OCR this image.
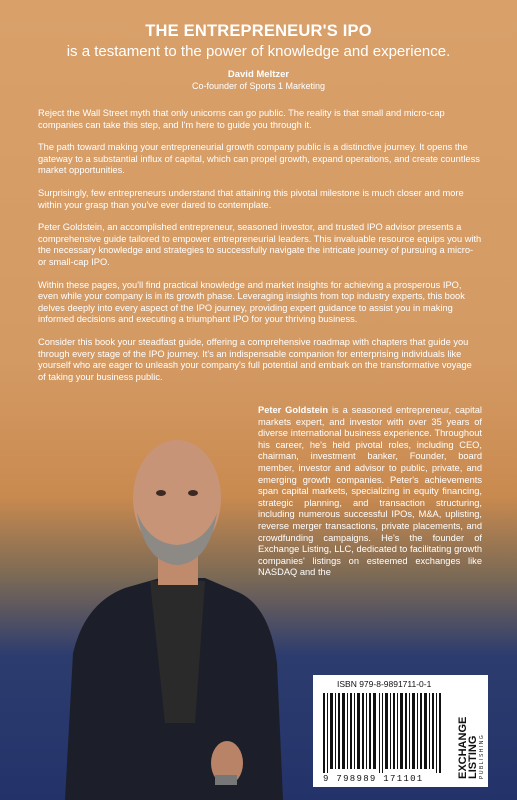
THE ENTREPRENEUR'S IPO
is a testament to the power of knowledge and experience.
David Meltzer
Co-founder of Sports 1 Marketing

Reject the Wall Street myth that only unicorns can go public. The reality is that small and micro-cap companies can take this step, and I'm here to guide you through it.

The path toward making your entrepreneurial growth company public is a distinctive journey. It opens the gateway to a substantial influx of capital, which can propel growth, expand operations, and create countless market opportunities.

Surprisingly, few entrepreneurs understand that attaining this pivotal milestone is much closer and more within your grasp than you've ever dared to contemplate.

Peter Goldstein, an accomplished entrepreneur, seasoned investor, and trusted IPO advisor presents a comprehensive guide tailored to empower entrepreneurial leaders. This invaluable resource equips you with the necessary knowledge and strategies to successfully navigate the intricate journey of pursuing a micro- or small-cap IPO.

Within these pages, you'll find practical knowledge and market insights for achieving a prosperous IPO, even while your company is in its growth phase. Leveraging insights from top industry experts, this book delves deeply into every aspect of the IPO journey, providing expert guidance to assist you in making informed decisions and executing a triumphant IPO for your thriving business.

Consider this book your steadfast guide, offering a comprehensive roadmap with chapters that guide you through every stage of the IPO journey. It's an indispensable companion for enterprising individuals like yourself who are eager to unleash your company's full potential and embark on the transformative voyage of taking your business public.

Peter Goldstein is a seasoned entrepreneur, capital markets expert, and investor with over 35 years of diverse international business experience. Throughout his career, he's held pivotal roles, including CEO, chairman, investment banker, Founder, board member, investor and advisor to public, private, and emerging growth companies. Peter's achievements span capital markets, specializing in equity financing, strategic planning, and transaction structuring, including numerous successful IPOs, M&A, uplisting, reverse merger transactions, private placements, and crowdfunding campaigns. He's the founder of Exchange Listing, LLC, dedicated to facilitating growth companies' listings on esteemed exchanges like NASDAQ and the
ISBN 979-8-9891711-0-1
9 798989 171101	EXCHANGE
LISTING PUBLISHING
